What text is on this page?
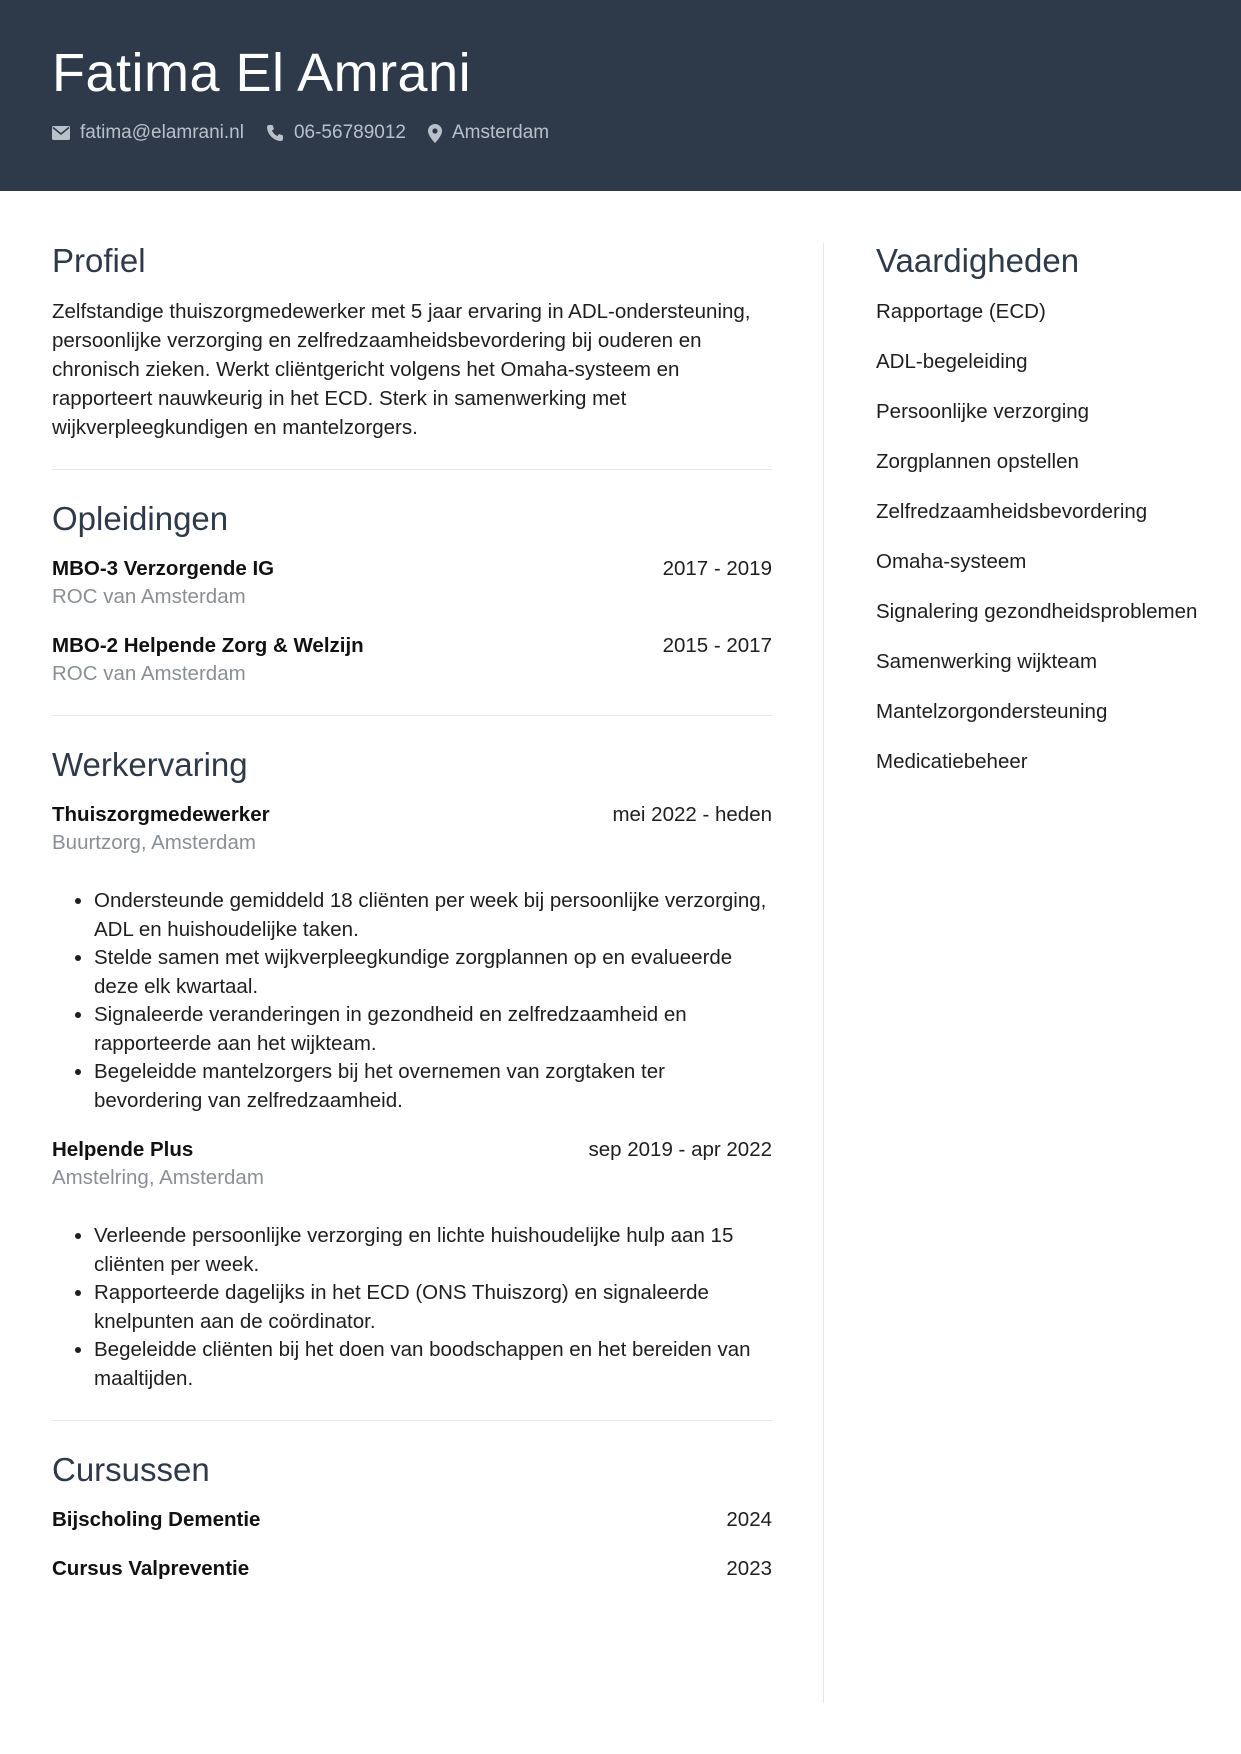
Fatima El Amrani
fatima@elamrani.nl	06-56789012 Amsterdam
Profiel

Zelfstandige thuiszorgmedewerker met 5 jaar ervaring in ADL-ondersteuning, persoonlijke verzorging en zelfredzaamheidsbevordering bij ouderen en chronisch zieken. Werkt cliëntgericht volgens het Omaha-systeem en rapporteert nauwkeurig in het ECD. Sterk in samenwerking met wijkverpleegkundigen en mantelzorgers.

Opleidingen
MBO-3 Verzorgende IG	2017 - 2019
ROC van Amsterdam
MBO-2 Helpende Zorg & Welzijn	2015 - 2017
ROC van Amsterdam
Werkervaring
Thuiszorgmedewerker	mei 2022 - heden
Buurtzorg, Amsterdam
• Ondersteunde gemiddeld 18 cliënten per week bij persoonlijke verzorging, ADL en huishoudelijke taken.
• Stelde samen met wijkverpleegkundige zorgplannen op en evalueerde deze elk kwartaal.
• Signaleerde veranderingen in gezondheid en zelfredzaamheid en rapporteerde aan het wijkteam.
• Begeleidde mantelzorgers bij het overnemen van zorgtaken ter bevordering van zelfredzaamheid.
Helpende Plus	sep 2019 - apr 2022
Amstelring, Amsterdam
• Verleende persoonlijke verzorging en lichte huishoudelijke hulp aan 15 cliënten per week.
• Rapporteerde dagelijks in het ECD (ONS Thuiszorg) en signaleerde knelpunten aan de coördinator.
• Begeleidde cliënten bij het doen van boodschappen en het bereiden van maaltijden.
Cursussen
Bijscholing Dementie	2024
Cursus Valpreventie	2023
Vaardigheden
Rapportage (ECD)
ADL-begeleiding
Persoonlijke verzorging
Zorgplannen opstellen
Zelfredzaamheidsbevordering
Omaha-systeem
Signalering gezondheidsproblemen
Samenwerking wijkteam
Mantelzorgondersteuning
Medicatiebeheer
